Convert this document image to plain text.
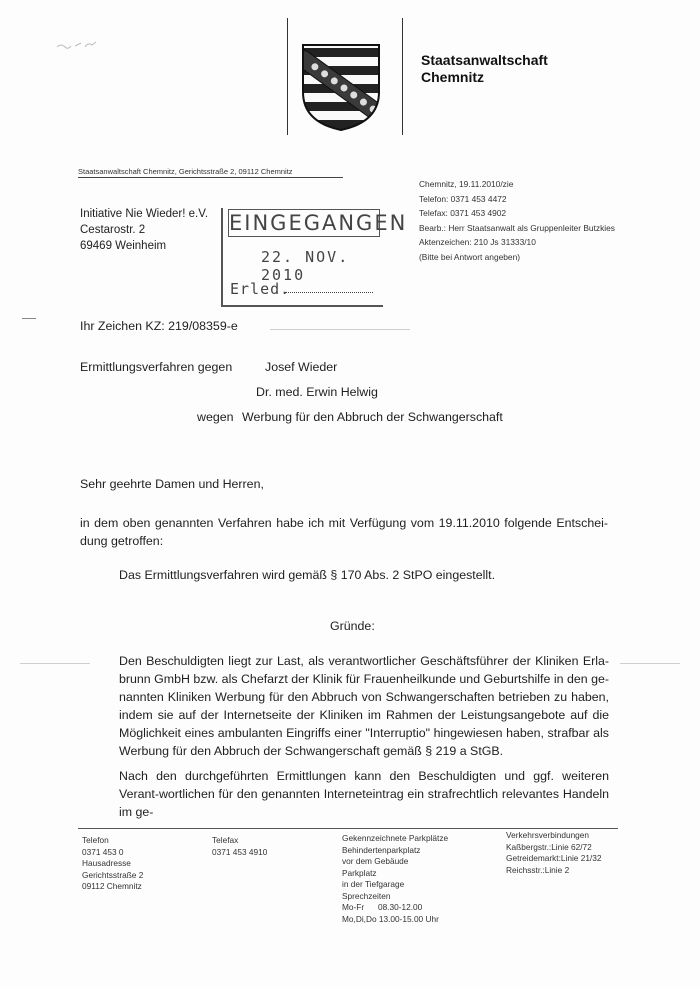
Staatsanwaltschaft
Chemnitz
Staatsanwaltschaft Chemnitz, Gerichtsstraße 2, 09112 Chemnitz
Initiative Nie Wieder! e.V.
Cestarostr. 2
69469 Weinheim
EINGEGANGEN
22. NOV. 2010
Erled.
Chemnitz, 19.11.2010/zie
Telefon: 0371 453 4472
Telefax: 0371 453 4902
Bearb.: Herr Staatsanwalt als Gruppenleiter Butzkies
Aktenzeichen: 210 Js 31333/10
(Bitte bei Antwort angeben)
Ihr Zeichen KZ: 219/08359-e
Ermittlungsverfahren gegen	Josef Wieder
Dr. med. Erwin Helwig
wegen Werbung für den Abbruch der Schwangerschaft
Sehr geehrte Damen und Herren,
in dem oben genannten Verfahren habe ich mit Verfügung vom 19.11.2010 folgende Entschei-dung getroffen:
Das Ermittlungsverfahren wird gemäß § 170 Abs. 2 StPO eingestellt.
Gründe:
Den Beschuldigten liegt zur Last, als verantwortlicher Geschäftsführer der Kliniken Erla-brunn GmbH bzw. als Chefarzt der Klinik für Frauenheilkunde und Geburtshilfe in den ge-nannten Kliniken Werbung für den Abbruch von Schwangerschaften betrieben zu haben, indem sie auf der Internetseite der Kliniken im Rahmen der Leistungsangebote auf die Möglichkeit eines ambulanten Eingriffs einer "Interruptio" hingewiesen haben, strafbar als Werbung für den Abbruch der Schwangerschaft gemäß § 219 a StGB.
Nach den durchgeführten Ermittlungen kann den Beschuldigten und ggf. weiteren Verant-wortlichen für den genannten Interneteintrag ein strafrechtlich relevantes Handeln im ge-
Telefon
0371 453 0
Hausadresse
Gerichtsstraße 2
09112 Chemnitz
Telefax
0371 453 4910
Gekennzeichnete Parkplätze
Behindertenparkplatz
vor dem Gebäude
Parkplatz
in der Tiefgarage
Sprechzeiten
Mo-Fr      08.30-12.00
Mo,Di,Do 13.00-15.00 Uhr
Verkehrsverbindungen
Kaßbergstr.:Linie 62/72
Getreidemarkt:Linie 21/32
Reichsstr.:Linie 2
